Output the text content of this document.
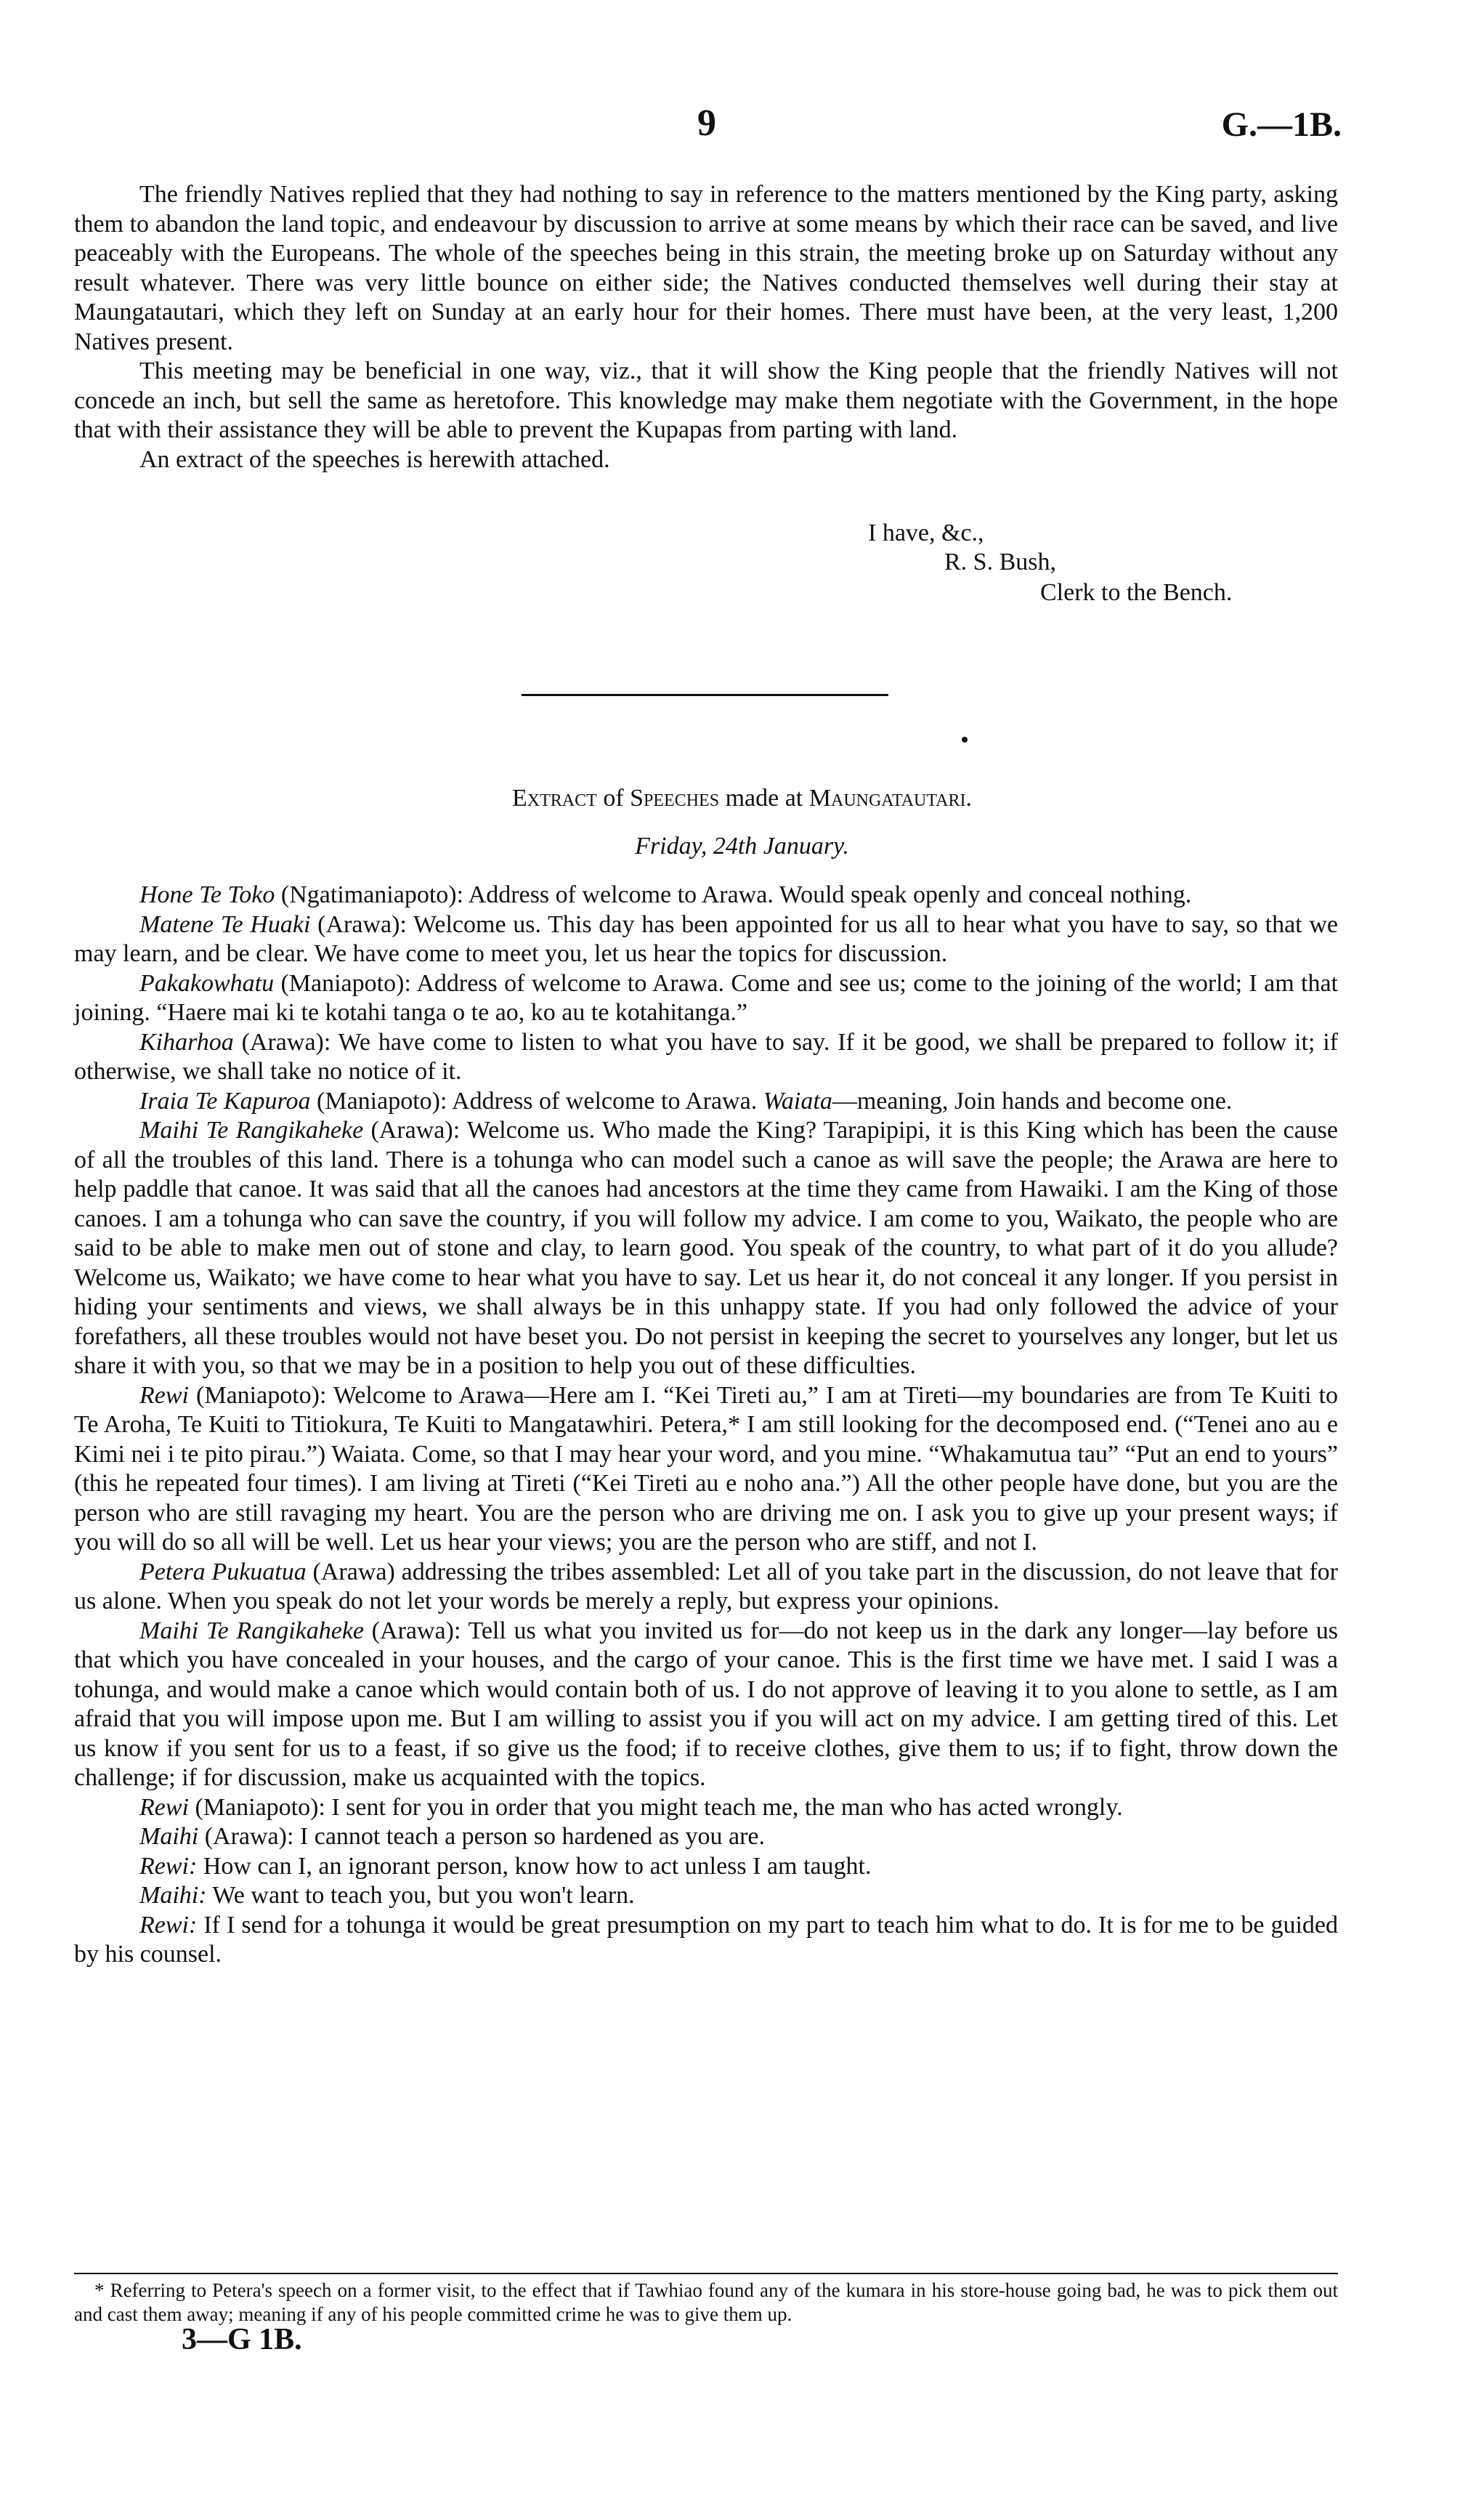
9	G.—1B.

The friendly Natives replied that they had nothing to say in reference to the matters mentioned by the King party, asking them to abandon the land topic, and endeavour by discussion to arrive at some means by which their race can be saved, and live peaceably with the Europeans. The whole of the speeches being in this strain, the meeting broke up on Saturday without any result whatever. There was very little bounce on either side; the Natives conducted themselves well during their stay at Maungatautari, which they left on Sunday at an early hour for their homes. There must have been, at the very least, 1,200 Natives present.

This meeting may be beneficial in one way, viz., that it will show the King people that the friendly Natives will not concede an inch, but sell the same as heretofore. This knowledge may make them negotiate with the Government, in the hope that with their assistance they will be able to prevent the Kupapas from parting with land.

An extract of the speeches is herewith attached.

I have, &c.,
R. S. Bush,
Clerk to the Bench.
Extract of Speeches made at Maungatautari.
Friday, 24th January.

Hone Te Toko (Ngatimaniapoto): Address of welcome to Arawa. Would speak openly and conceal nothing.

Matene Te Huaki (Arawa): Welcome us. This day has been appointed for us all to hear what you have to say, so that we may learn, and be clear. We have come to meet you, let us hear the topics for discussion.

Pakakowhatu (Maniapoto): Address of welcome to Arawa. Come and see us; come to the joining of the world; I am that joining. “Haere mai ki te kotahi tanga o te ao, ko au te kotahitanga.”

Kiharhoa (Arawa): We have come to listen to what you have to say. If it be good, we shall be prepared to follow it; if otherwise, we shall take no notice of it.

Iraia Te Kapuroa (Maniapoto): Address of welcome to Arawa. Waiata—meaning, Join hands and become one.

Maihi Te Rangikaheke (Arawa): Welcome us. Who made the King? Tarapipipi, it is this King which has been the cause of all the troubles of this land. There is a tohunga who can model such a canoe as will save the people; the Arawa are here to help paddle that canoe. It was said that all the canoes had ancestors at the time they came from Hawaiki. I am the King of those canoes. I am a tohunga who can save the country, if you will follow my advice. I am come to you, Waikato, the people who are said to be able to make men out of stone and clay, to learn good. You speak of the country, to what part of it do you allude? Welcome us, Waikato; we have come to hear what you have to say. Let us hear it, do not conceal it any longer. If you persist in hiding your sentiments and views, we shall always be in this unhappy state. If you had only followed the advice of your forefathers, all these troubles would not have beset you. Do not persist in keeping the secret to yourselves any longer, but let us share it with you, so that we may be in a position to help you out of these difficulties.

Rewi (Maniapoto): Welcome to Arawa—Here am I. “Kei Tireti au,” I am at Tireti—my boundaries are from Te Kuiti to Te Aroha, Te Kuiti to Titiokura, Te Kuiti to Mangatawhiri. Petera,* I am still looking for the decomposed end. (“Tenei ano au e Kimi nei i te pito pirau.”) Waiata. Come, so that I may hear your word, and you mine. “Whakamutua tau” “Put an end to yours” (this he repeated four times). I am living at Tireti (“Kei Tireti au e noho ana.”) All the other people have done, but you are the person who are still ravaging my heart. You are the person who are driving me on. I ask you to give up your present ways; if you will do so all will be well. Let us hear your views; you are the person who are stiff, and not I.

Petera Pukuatua (Arawa) addressing the tribes assembled: Let all of you take part in the discussion, do not leave that for us alone. When you speak do not let your words be merely a reply, but express your opinions.

Maihi Te Rangikaheke (Arawa): Tell us what you invited us for—do not keep us in the dark any longer—lay before us that which you have concealed in your houses, and the cargo of your canoe. This is the first time we have met. I said I was a tohunga, and would make a canoe which would contain both of us. I do not approve of leaving it to you alone to settle, as I am afraid that you will impose upon me. But I am willing to assist you if you will act on my advice. I am getting tired of this. Let us know if you sent for us to a feast, if so give us the food; if to receive clothes, give them to us; if to fight, throw down the challenge; if for discussion, make us acquainted with the topics.

Rewi (Maniapoto): I sent for you in order that you might teach me, the man who has acted wrongly.

Maihi (Arawa): I cannot teach a person so hardened as you are.

Rewi: How can I, an ignorant person, know how to act unless I am taught.

Maihi: We want to teach you, but you won't learn.

Rewi: If I send for a tohunga it would be great presumption on my part to teach him what to do. It is for me to be guided by his counsel.

* Referring to Petera's speech on a former visit, to the effect that if Tawhiao found any of the kumara in his store-house going bad, he was to pick them out and cast them away; meaning if any of his people committed crime he was to give them up.
3—G 1B.
